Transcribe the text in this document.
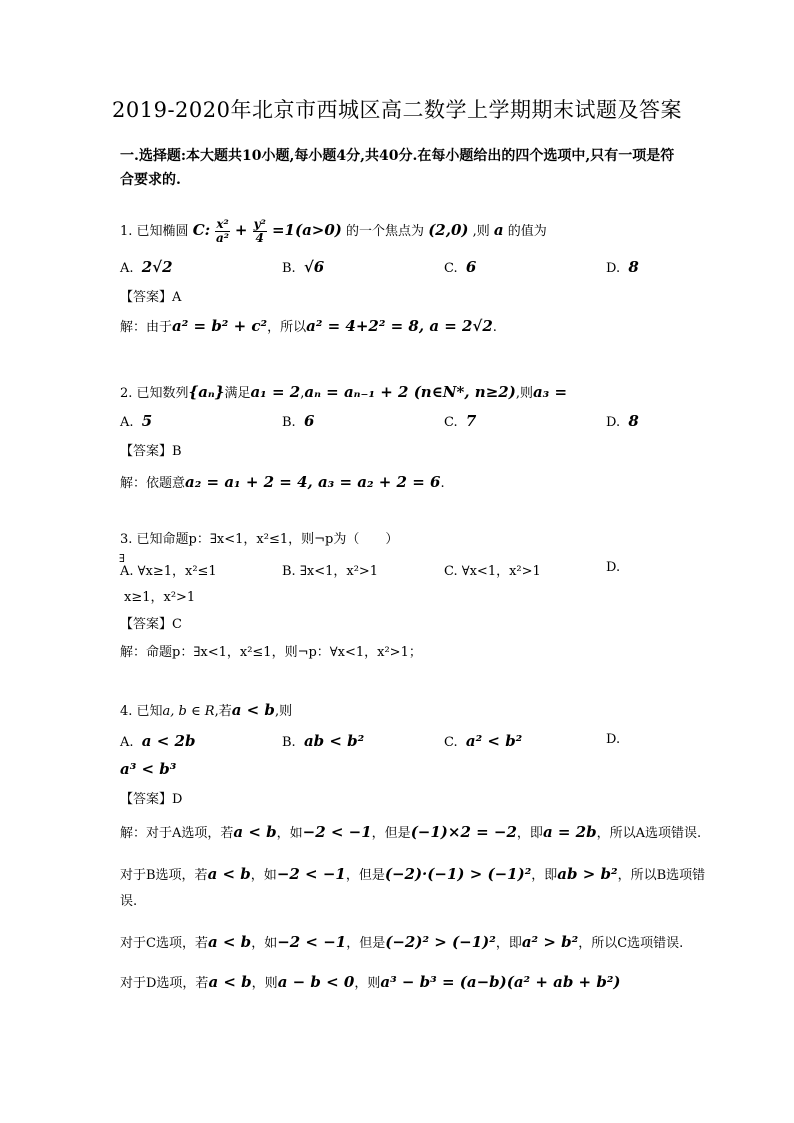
2019-2020年北京市西城区高二数学上学期期末试题及答案
一.选择题:本大题共10小题,每小题4分,共40分.在每小题给出的四个选项中,只有一项是符合要求的.
1. 已知椭圆 C: $\frac{\text{x²}}{\text{a²}} + \frac{\text{y²}}{4} =1(a>0)$ 的一个焦点为 (2,0) ,则 a 的值为
A. 2√2	B. √6	C. 6	D. 8
【答案】A
解：由于a² = b² + c²，所以a² = 4+2² = 8, a = 2√2.
2. 已知数列{aₙ}满足a₁ = 2,aₙ = aₙ₋₁ + 2 (n∈N*, n≥2),则a₃ =
A. 5	B. 6	C. 7	D. 8
【答案】B
解：依题意a₂ = a₁ + 2 = 4, a₃ = a₂ + 2 = 6.
3. 已知命题p：∃x<1，x²≤1，则¬p为（　　）
∃
A. ∀x≥1，x²≤1	B. ∃x<1，x²>1	C. ∀x<1，x²>1	D.
x≥1，x²>1
【答案】C
解：命题p：∃x<1，x²≤1，则¬p：∀x<1，x²>1；
4. 已知a, b ∈ R,若a < b,则
A. a < 2b	B. ab < b²	C. a² < b²	D.
a³ < b³
【答案】D
解：对于A选项，若a < b，如−2 < −1，但是(−1)×2 = −2，即a = 2b，所以A选项错误.
对于B选项，若a < b，如−2 < −1，但是(−2)·(−1) > (−1)²，即ab > b²，所以B选项错
误.
对于C选项，若a < b，如−2 < −1，但是(−2)² > (−1)²，即a² > b²，所以C选项错误.
对于D选项，若a < b，则a − b < 0，则a³ − b³ = (a−b)(a² + ab + b²)
